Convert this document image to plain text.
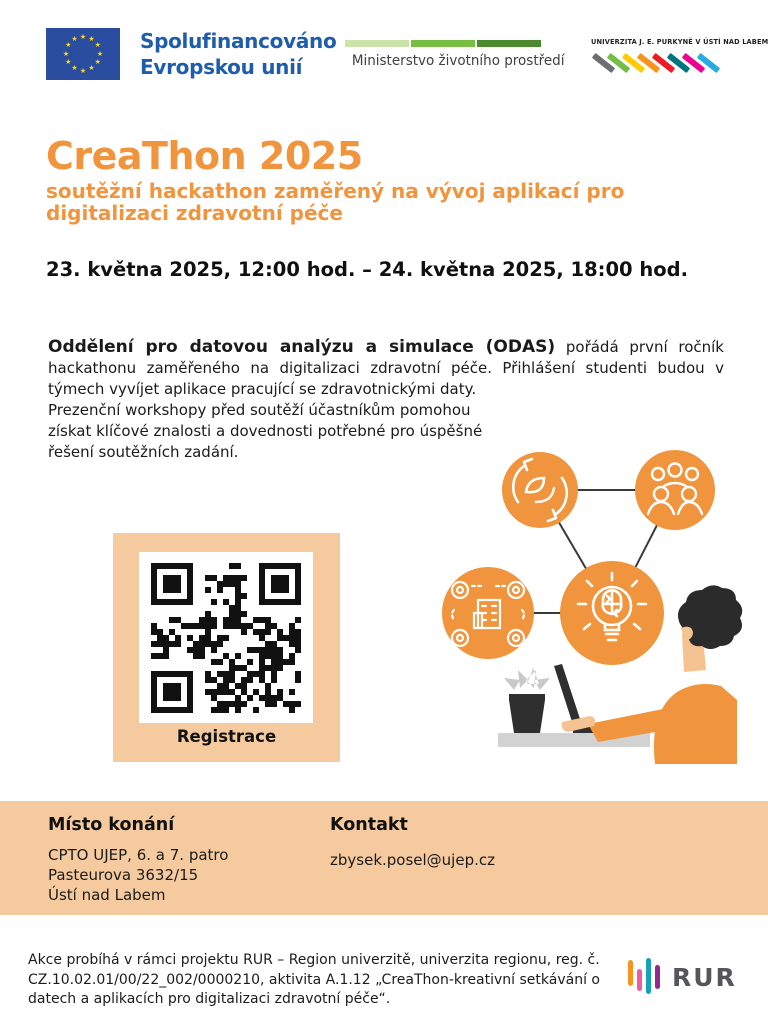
★ ★
★
★
★
★
★
★
★
★
★
★	Spolufinancováno
Evropskou unií	Ministerstvo životního prostředí
UNIVERZITA J. E. PURKYNĚ V ÚSTÍ NAD LABEM
CreaThon 2025
soutěžní hackathon zaměřený na vývoj aplikací pro digitalizaci zdravotní péče
23. května 2025, 12:00 hod. – 24. května 2025, 18:00 hod.

Oddělení pro datovou analýzu a simulace (ODAS) pořádá první ročník hackathonu zaměřeného na digitalizaci zdravotní péče. Přihlášení studenti budou v týmech vyvíjet aplikace pracující se zdravotnickými daty.

Prezenční workshopy před soutěží účastníkům pomohou získat klíčové znalosti a dovednosti potřebné pro úspěšné řešení soutěžních zadání.

Registrace
Místo konání
CPTO UJEP, 6. a 7. patro
Pasteurova 3632/15
Ústí nad Labem
Kontakt
zbysek.posel@ujep.cz

Akce probíhá v rámci projektu RUR – Region univerzitě, univerzita regionu, reg. č. CZ.10.02.01/00/22_002/0000210, aktivita A.1.12 „CreaThon-kreativní setkávání o datech a aplikacích pro digitalizaci zdravotní péče“.

RUR
